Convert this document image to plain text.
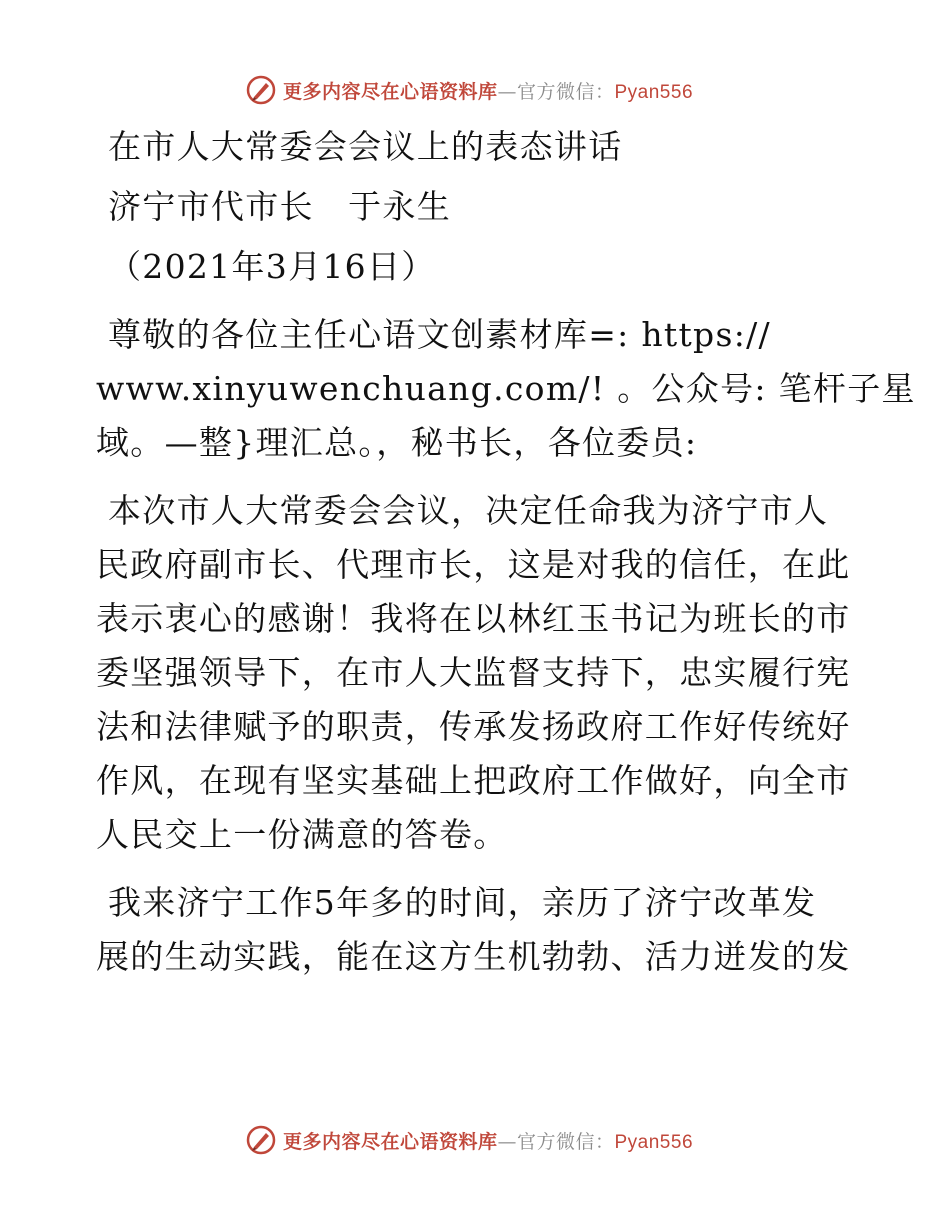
更多内容尽在心语资料库—官方微信：Pyan556
在市人大常委会会议上的表态讲话
济宁市代市长　于永生
（2021年3月16日）
尊敬的各位主任心语文创素材库=: https://
www.xinyuwenchuang.com/! 。公众号: 笔杆子星
域。—整}理汇总。，秘书长，各位委员:
本次市人大常委会会议，决定任命我为济宁市人
民政府副市长、代理市长，这是对我的信任，在此
表示衷心的感谢！我将在以林红玉书记为班长的市
委坚强领导下，在市人大监督支持下，忠实履行宪
法和法律赋予的职责，传承发扬政府工作好传统好
作风，在现有坚实基础上把政府工作做好，向全市
人民交上一份满意的答卷。
我来济宁工作5年多的时间，亲历了济宁改革发
展的生动实践，能在这方生机勃勃、活力迸发的发
更多内容尽在心语资料库—官方微信：Pyan556
